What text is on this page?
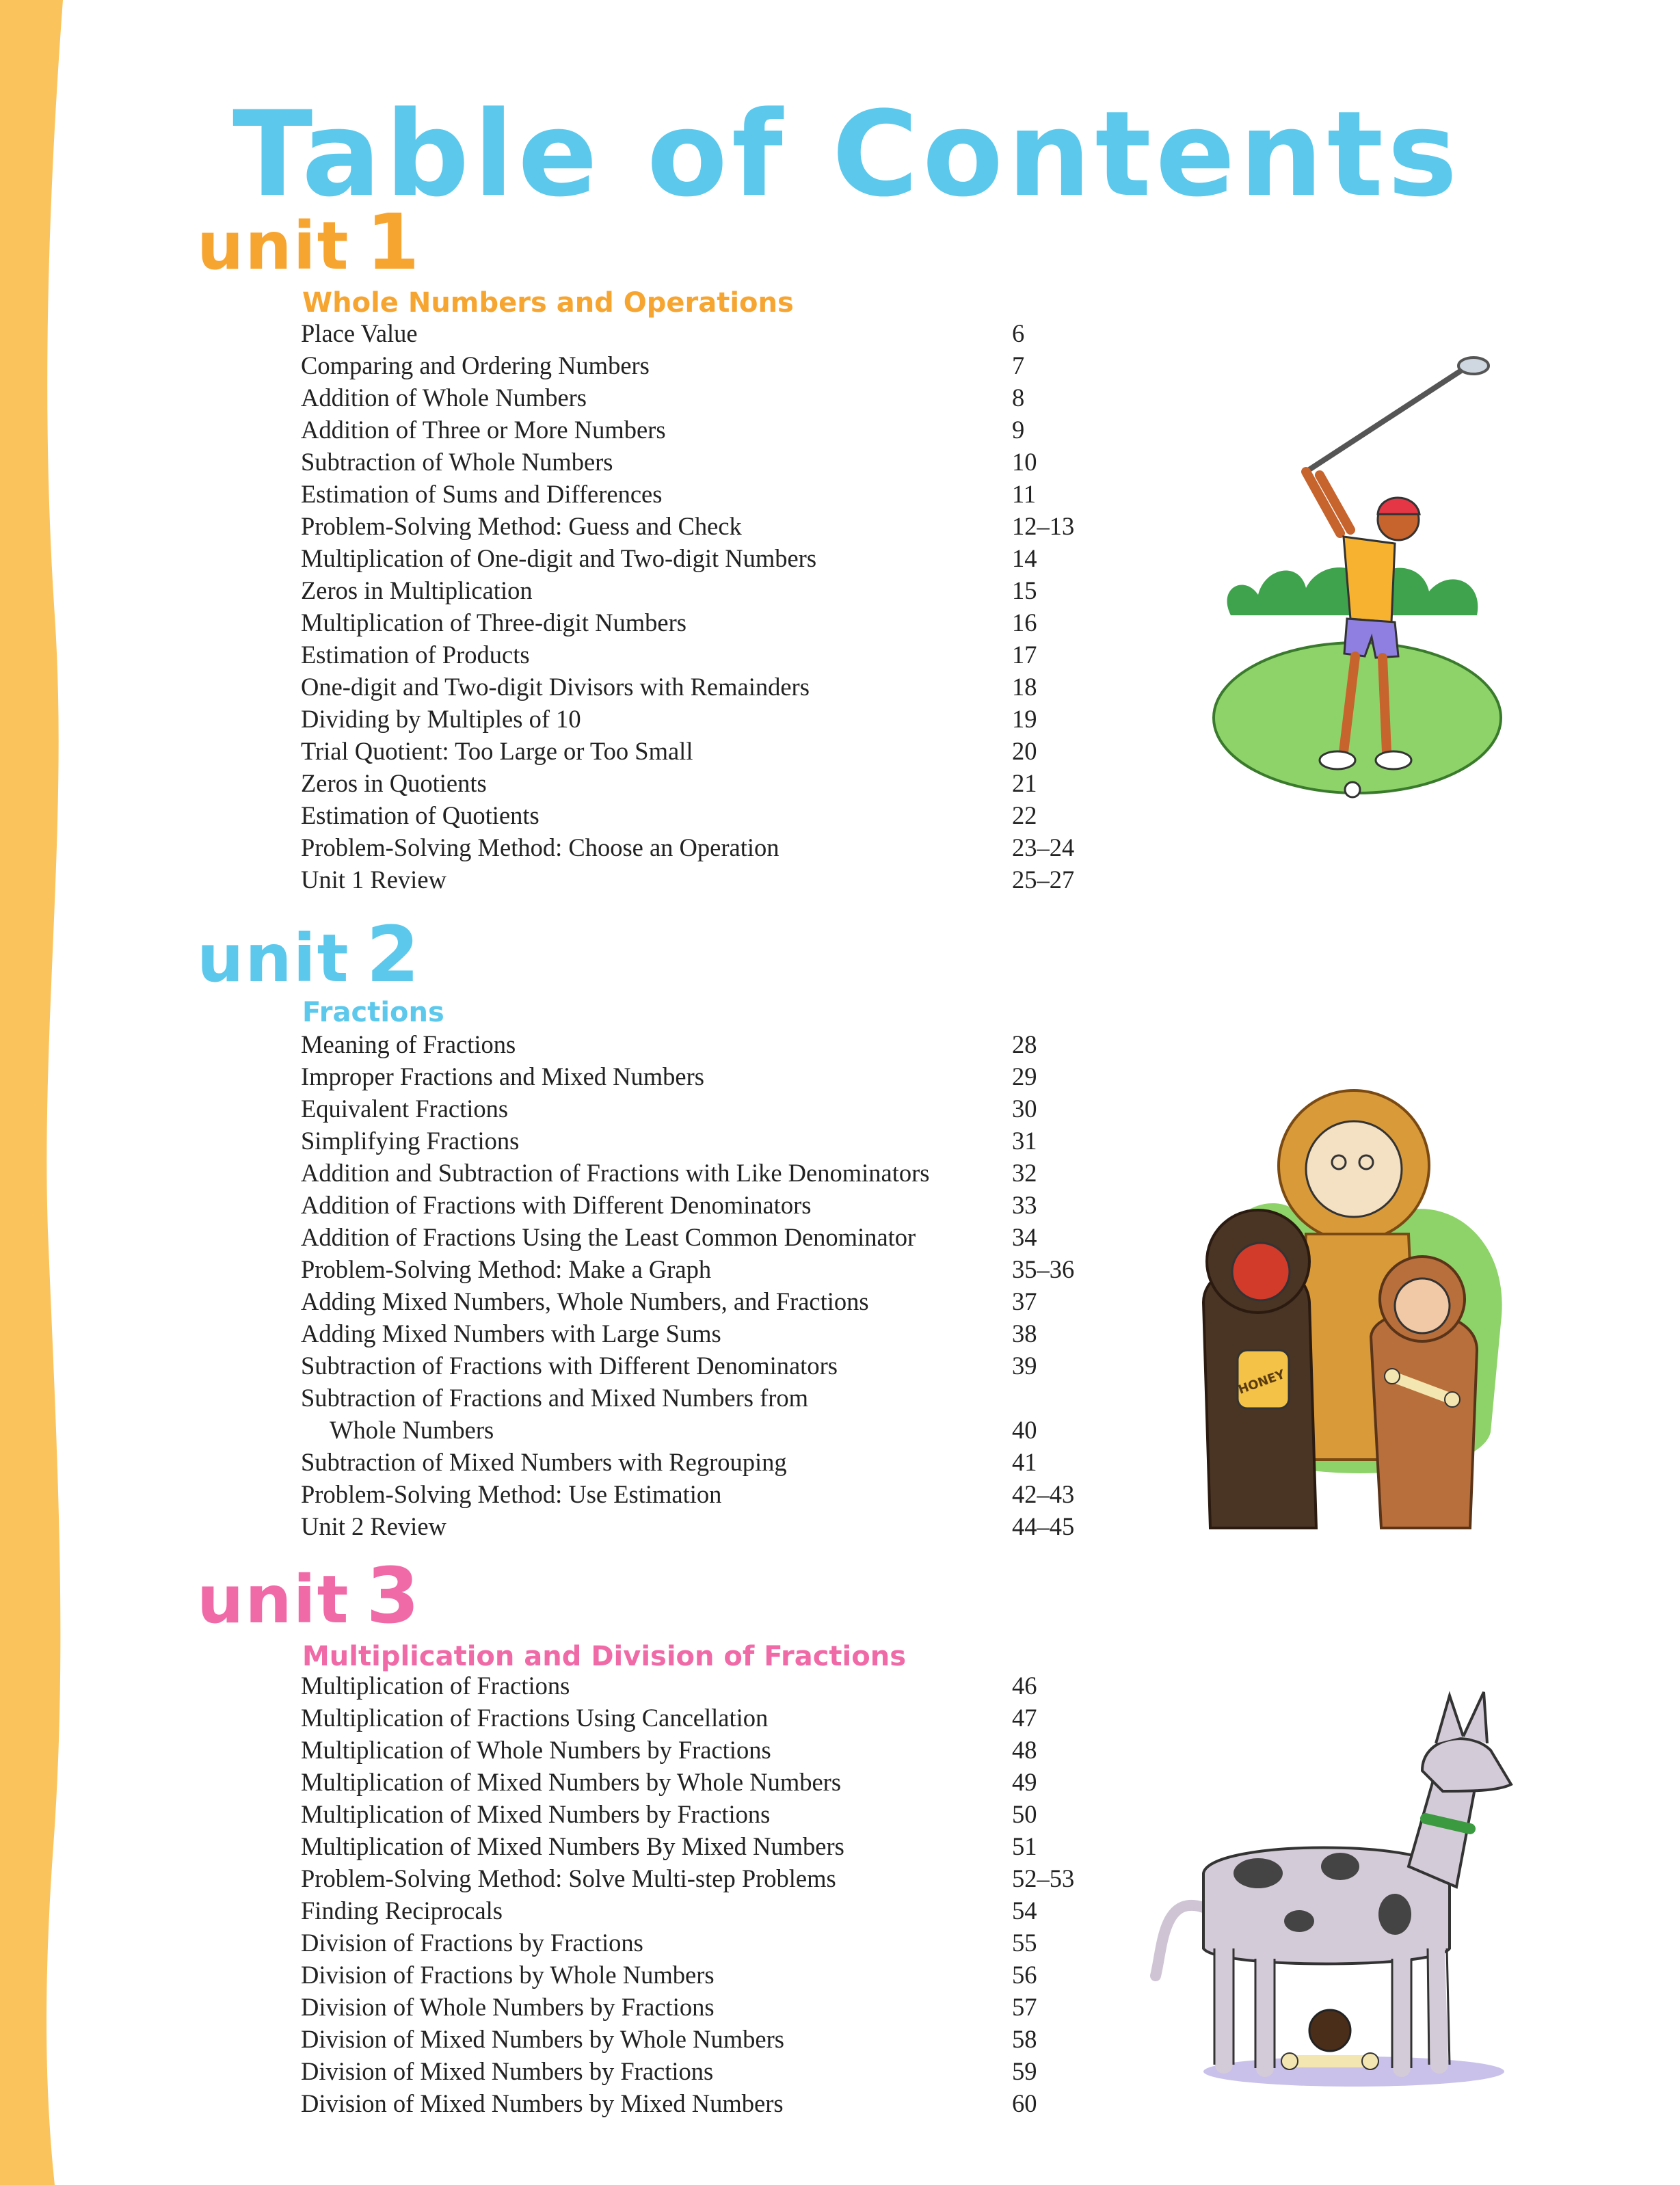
Table of Contents
unit 1
Whole Numbers and Operations
Place Value	6
Comparing and Ordering Numbers	7
Addition of Whole Numbers	8
Addition of Three or More Numbers	9
Subtraction of Whole Numbers	10
Estimation of Sums and Differences	11
Problem-Solving Method: Guess and Check	12–13
Multiplication of One-digit and Two-digit Numbers	14
Zeros in Multiplication	15
Multiplication of Three-digit Numbers	16
Estimation of Products	17
One-digit and Two-digit Divisors with Remainders	18
Dividing by Multiples of 10	19
Trial Quotient: Too Large or Too Small	20
Zeros in Quotients	21
Estimation of Quotients	22
Problem-Solving Method: Choose an Operation	23–24
Unit 1 Review	25–27
unit 2
Fractions
Meaning of Fractions	28
Improper Fractions and Mixed Numbers	29
Equivalent Fractions	30
Simplifying Fractions	31
Addition and Subtraction of Fractions with Like Denominators	32
Addition of Fractions with Different Denominators	33
Addition of Fractions Using the Least Common Denominator	34
Problem-Solving Method: Make a Graph	35–36
Adding Mixed Numbers, Whole Numbers, and Fractions	37
Adding Mixed Numbers with Large Sums	38
Subtraction of Fractions with Different Denominators	39
Subtraction of Fractions and Mixed Numbers from
Whole Numbers	40
Subtraction of Mixed Numbers with Regrouping	41
Problem-Solving Method: Use Estimation	42–43
Unit 2 Review	44–45
unit 3
Multiplication and Division of Fractions
Multiplication of Fractions	46
Multiplication of Fractions Using Cancellation	47
Multiplication of Whole Numbers by Fractions	48
Multiplication of Mixed Numbers by Whole Numbers	49
Multiplication of Mixed Numbers by Fractions	50
Multiplication of Mixed Numbers By Mixed Numbers	51
Problem-Solving Method: Solve Multi-step Problems	52–53
Finding Reciprocals	54
Division of Fractions by Fractions	55
Division of Fractions by Whole Numbers	56
Division of Whole Numbers by Fractions	57
Division of Mixed Numbers by Whole Numbers	58
Division of Mixed Numbers by Fractions	59
Division of Mixed Numbers by Mixed Numbers	60
HONEY
